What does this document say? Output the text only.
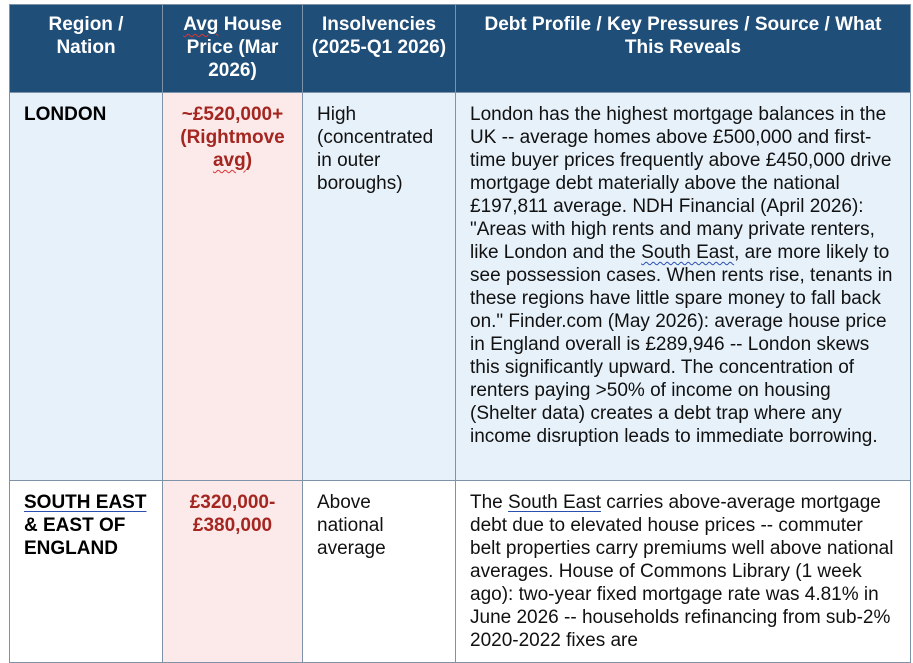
Region / Nation	Avg House Price (Mar 2026)	Insolvencies (2025-Q1 2026)	Debt Profile / Key Pressures / Source / What This Reveals
LONDON	~£520,000+ (Rightmove avg)	High (concentrated in outer boroughs)	London has the highest mortgage balances in the UK -- average homes above £500,000 and first-time buyer prices frequently above £450,000 drive mortgage debt materially above the national £197,811 average. NDH Financial (April 2026): "Areas with high rents and many private renters, like London and the South East, are more likely to see possession cases. When rents rise, tenants in these regions have little spare money to fall back on." Finder.com (May 2026): average house price in England overall is £289,946 -- London skews this significantly upward. The concentration of renters paying >50% of income on housing (Shelter data) creates a debt trap where any income disruption leads to immediate borrowing.
SOUTH EAST & EAST OF ENGLAND	£320,000-£380,000	Above national average	The South East carries above-average mortgage debt due to elevated house prices -- commuter belt properties carry premiums well above national averages. House of Commons Library (1 week ago): two-year fixed mortgage rate was 4.81% in June 2026 -- households refinancing from sub-2% 2020-2022 fixes are
